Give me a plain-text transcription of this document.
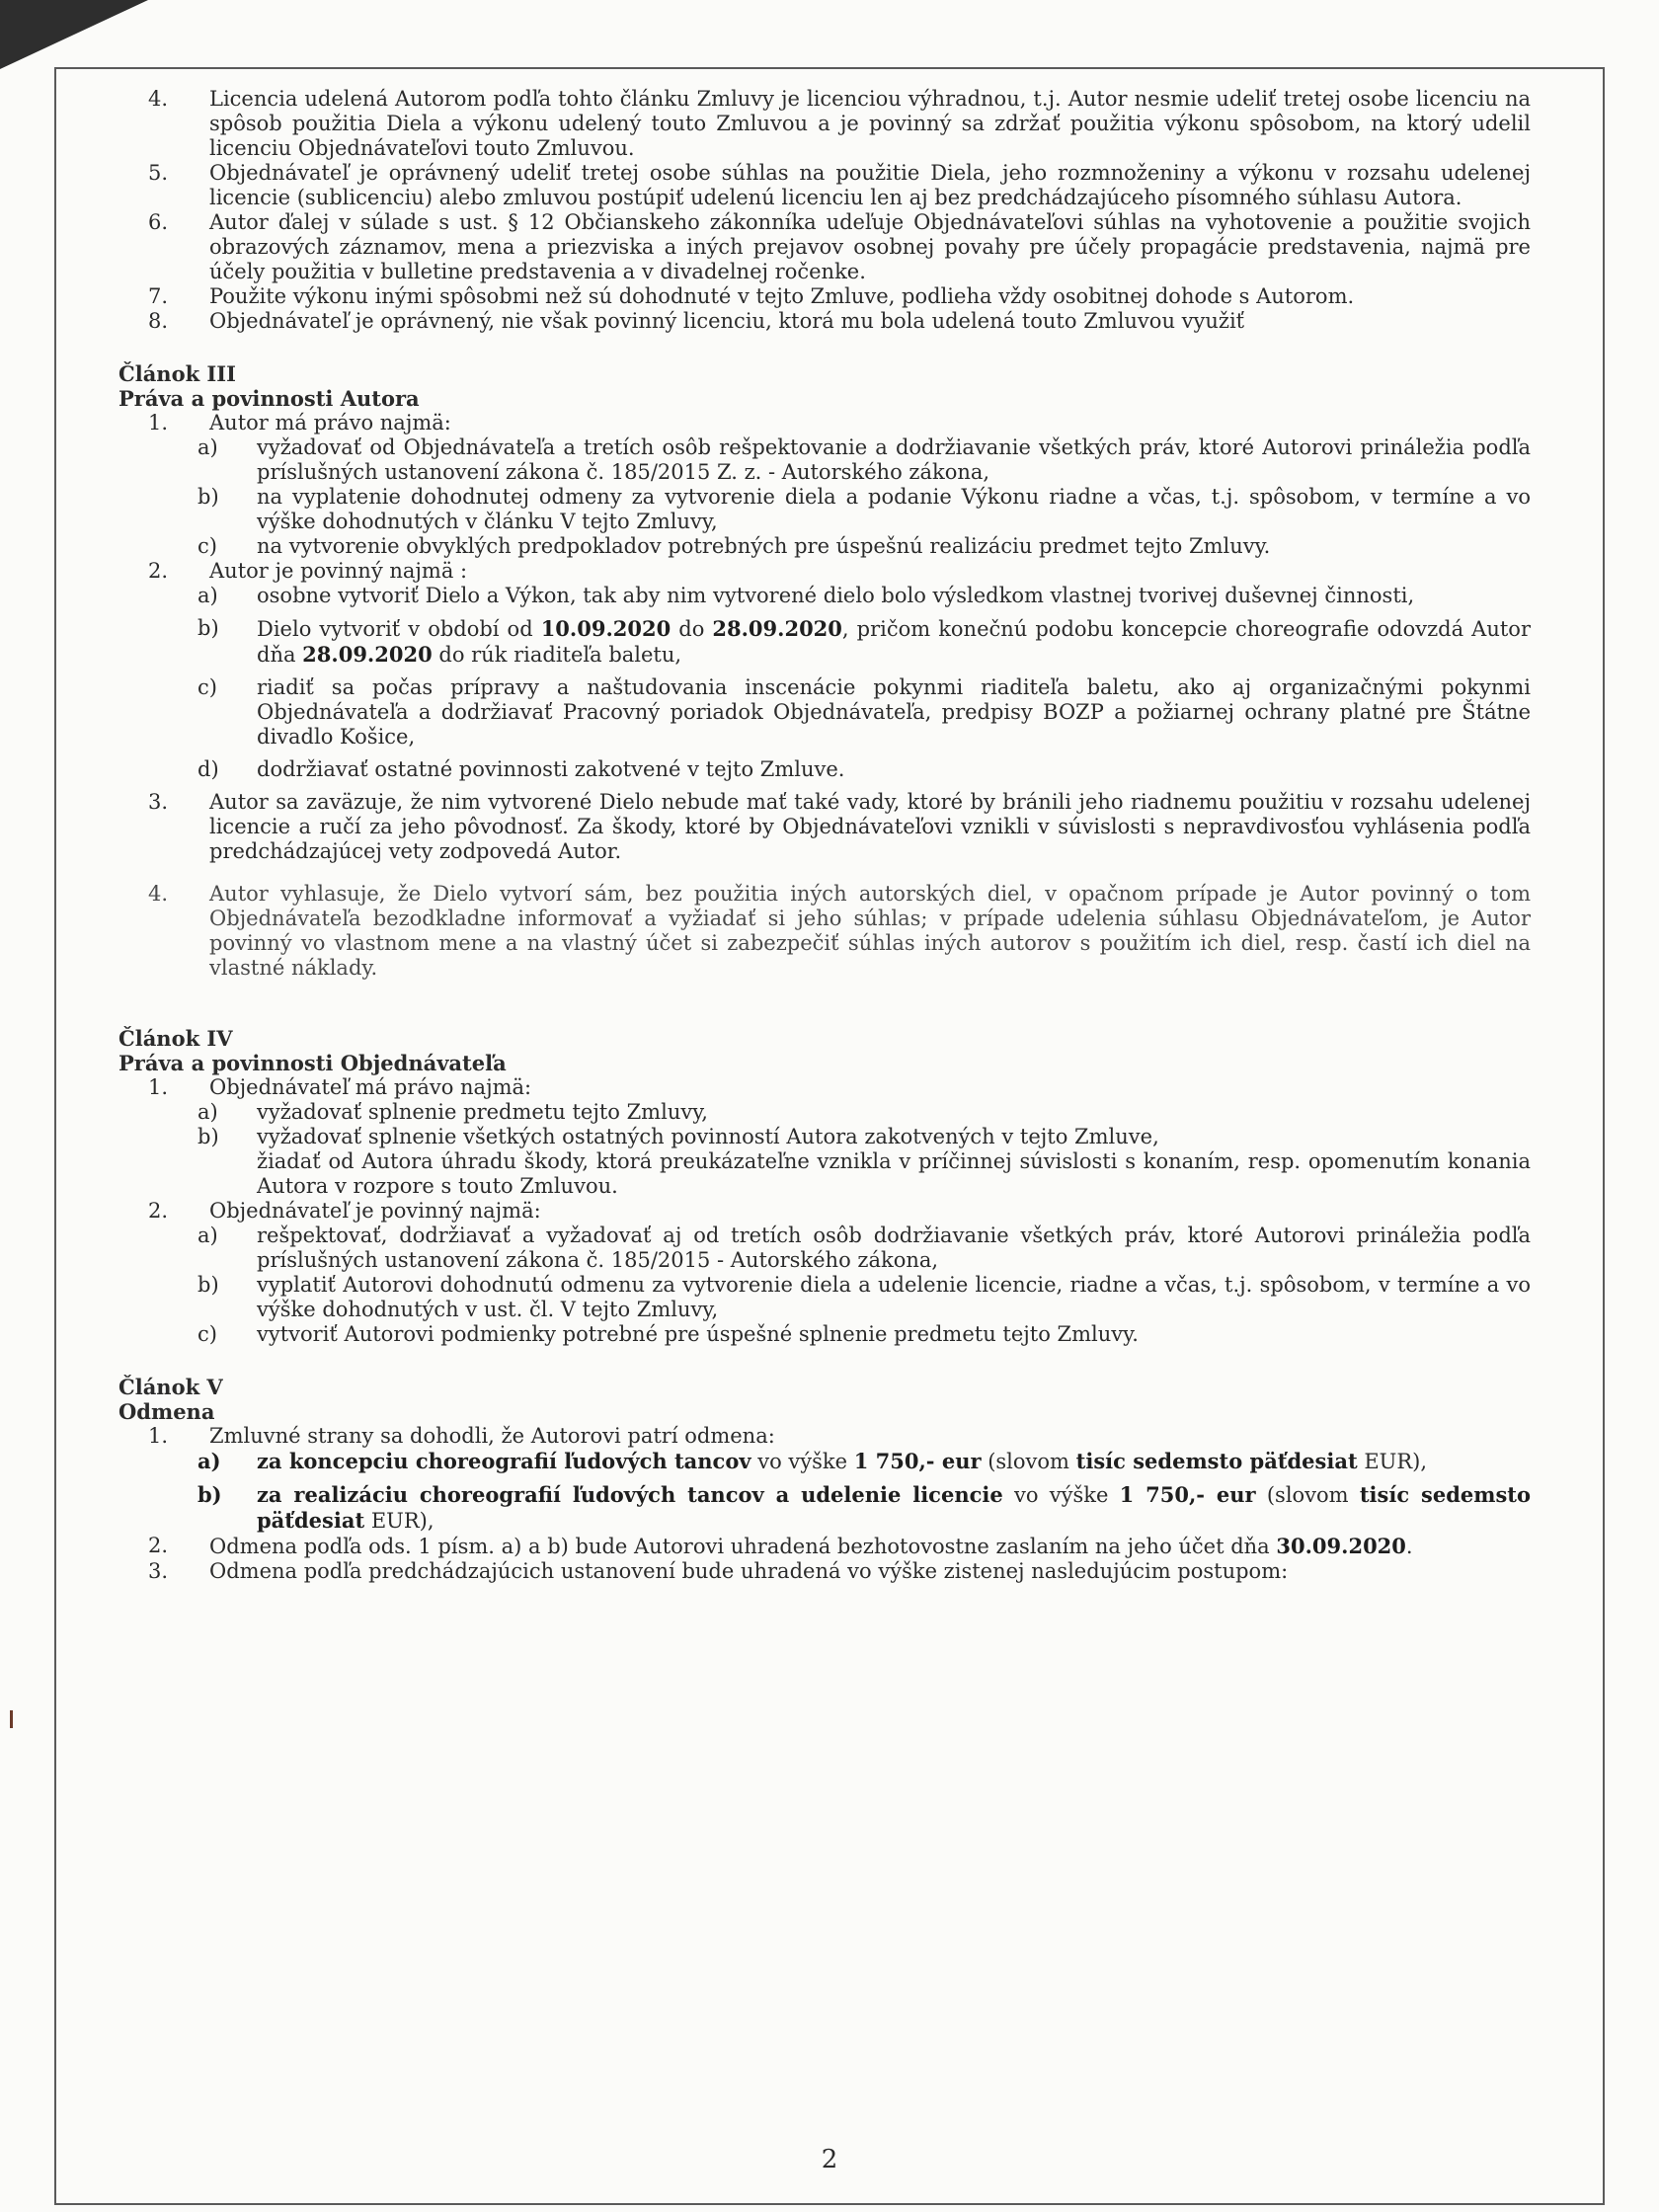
4.	Licencia udelená Autorom podľa tohto článku Zmluvy je licenciou výhradnou, t.j. Autor nesmie udeliť tretej osobe licenciu na spôsob použitia Diela a výkonu udelený touto Zmluvou a je povinný sa zdržať použitia výkonu spôsobom, na ktorý udelil licenciu Objednávateľovi touto Zmluvou.
5.	Objednávateľ je oprávnený udeliť tretej osobe súhlas na použitie Diela, jeho rozmnoženiny a výkonu v rozsahu udelenej licencie (sublicenciu) alebo zmluvou postúpiť udelenú licenciu len aj bez predchádzajúceho písomného súhlasu Autora.
6.	Autor ďalej v súlade s ust. § 12 Občianskeho zákonníka udeľuje Objednávateľovi súhlas na vyhotovenie a použitie svojich obrazových záznamov, mena a priezviska a iných prejavov osobnej povahy pre účely propagácie predstavenia, najmä pre účely použitia v bulletine predstavenia a v divadelnej ročenke.
7.	Použite výkonu inými spôsobmi než sú dohodnuté v tejto Zmluve, podlieha vždy osobitnej dohode s Autorom.
8.	Objednávateľ je oprávnený, nie však povinný licenciu, ktorá mu bola udelená touto Zmluvou využiť
Článok III
Práva a povinnosti Autora
1.	Autor má právo najmä:
a)	vyžadovať od Objednávateľa a tretích osôb rešpektovanie a dodržiavanie všetkých práv, ktoré Autorovi prináležia podľa príslušných ustanovení zákona č. 185/2015 Z. z. - Autorského zákona,
b)	na vyplatenie dohodnutej odmeny za vytvorenie diela a podanie Výkonu riadne a včas, t.j. spôsobom, v termíne a vo výške dohodnutých v článku V tejto Zmluvy,
c)	na vytvorenie obvyklých predpokladov potrebných pre úspešnú realizáciu predmet tejto Zmluvy.
2.	Autor je povinný najmä :
a)	osobne vytvoriť Dielo a Výkon, tak aby nim vytvorené dielo bolo výsledkom vlastnej tvorivej duševnej činnosti,
b)	Dielo vytvoriť v období od 10.09.2020 do 28.09.2020, pričom konečnú podobu koncepcie choreografie odovzdá Autor dňa 28.09.2020 do rúk riaditeľa baletu,
c)	riadiť sa počas prípravy a naštudovania inscenácie pokynmi riaditeľa baletu, ako aj organizačnými pokynmi Objednávateľa a dodržiavať Pracovný poriadok Objednávateľa, predpisy BOZP a požiarnej ochrany platné pre Štátne divadlo Košice,
d)	dodržiavať ostatné povinnosti zakotvené v tejto Zmluve.
3.	Autor sa zaväzuje, že nim vytvorené Dielo nebude mať také vady, ktoré by bránili jeho riadnemu použitiu v rozsahu udelenej licencie a ručí za jeho pôvodnosť. Za škody, ktoré by Objednávateľovi vznikli v súvislosti s nepravdivosťou vyhlásenia podľa predchádzajúcej vety zodpovedá Autor.
4.	Autor vyhlasuje, že Dielo vytvorí sám, bez použitia iných autorských diel, v opačnom prípade je Autor povinný o tom Objednávateľa bezodkladne informovať a vyžiadať si jeho súhlas; v prípade udelenia súhlasu Objednávateľom, je Autor povinný vo vlastnom mene a na vlastný účet si zabezpečiť súhlas iných autorov s použitím ich diel, resp. častí ich diel na vlastné náklady.
Článok IV
Práva a povinnosti Objednávateľa
1.	Objednávateľ má právo najmä:
a)	vyžadovať splnenie predmetu tejto Zmluvy,
b)	vyžadovať splnenie všetkých ostatných povinností Autora zakotvených v tejto Zmluve,
žiadať od Autora úhradu škody, ktorá preukázateľne vznikla v príčinnej súvislosti s konaním, resp. opomenutím konania Autora v rozpore s touto Zmluvou.
2.	Objednávateľ je povinný najmä:
a)	rešpektovať, dodržiavať a vyžadovať aj od tretích osôb dodržiavanie všetkých práv, ktoré Autorovi prináležia podľa príslušných ustanovení zákona č. 185/2015 - Autorského zákona,
b)	vyplatiť Autorovi dohodnutú odmenu za vytvorenie diela a udelenie licencie, riadne a včas, t.j. spôsobom, v termíne a vo výške dohodnutých v ust. čl. V tejto Zmluvy,
c)	vytvoriť Autorovi podmienky potrebné pre úspešné splnenie predmetu tejto Zmluvy.
Článok V
Odmena
1.	Zmluvné strany sa dohodli, že Autorovi patrí odmena:
a)	za koncepciu choreografií ľudových tancov vo výške 1 750,- eur (slovom tisíc sedemsto päťdesiat EUR),
b)	za realizáciu choreografií ľudových tancov a udelenie licencie vo výške 1 750,- eur (slovom tisíc sedemsto päťdesiat EUR),
2.	Odmena podľa ods. 1 písm. a) a b) bude Autorovi uhradená bezhotovostne zaslaním na jeho účet dňa 30.09.2020.
3.	Odmena podľa predchádzajúcich ustanovení bude uhradená vo výške zistenej nasledujúcim postupom:
2
